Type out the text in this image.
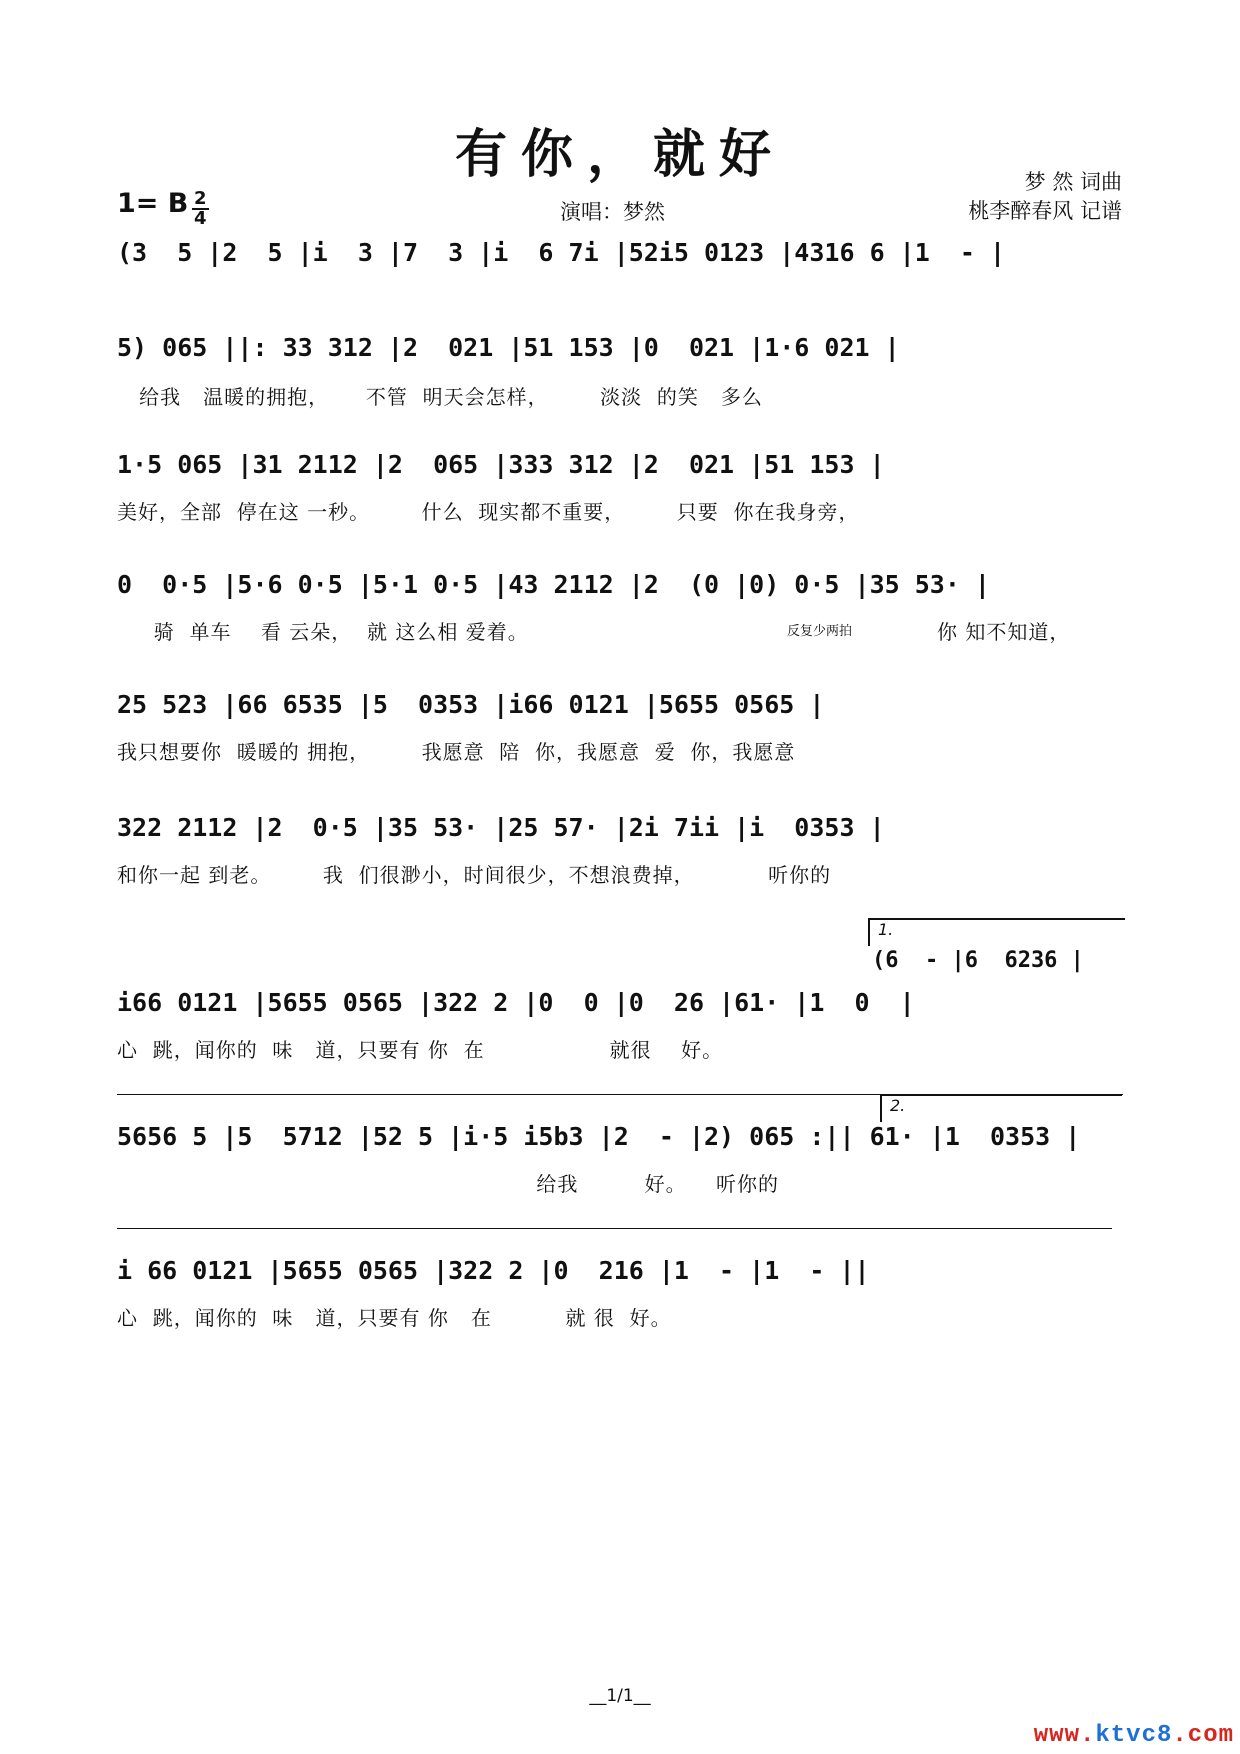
有你，就好
1= B 2
4	演唱：梦然
梦 然 词曲
桃李醉春风 记谱
(3  5 |2  5 |i  3 |7  3 |i  6 7i |52i5 0123 |4316 6 |1  - |
5) 065 ||: 33 312 |2  021 |51 153 |0  021 |1·6 021 |
给我   温暖的拥抱，     不管  明天会怎样，       淡淡  的笑   多么
1·5 065 |31 2112 |2  065 |333 312 |2  021 |51 153 |
美好，全部  停在这 一秒。       什么  现实都不重要，       只要  你在我身旁，
0  0·5 |5·6 0·5 |5·1 0·5 |43 2112 |2  (0 |0) 0·5 |35 53· |
骑  单车    看 云朵，  就 这么相 爱着。	反复少两拍	你 知不知道，
25 523 |66 6535 |5  0353 |i66 0121 |5655 0565 |
我只想要你  暖暖的 拥抱，       我愿意  陪  你，我愿意  爱  你，我愿意
322 2112 |2  0·5 |35 53· |25 57· |2i 7ii |i  0353 |
和你一起 到老。       我  们很渺小，时间很少，不想浪费掉，          听你的
1.
(6  - |6  6236 |
i66 0121 |5655 0565 |322 2 |0  0 |0  26 |61· |1  0  |
心  跳，闻你的  味   道，只要有 你  在                 就很    好。
2.
5656 5 |5  5712 |52 5 |i·5 i5b3 |2  - |2) 065 :|| 61· |1  0353 |
给我         好。    听你的
i 66 0121 |5655 0565 |322 2 |0  216 |1  - |1  - ||
心  跳，闻你的  味   道，只要有 你   在          就 很  好。
__1/1__
www.ktvc8.com
